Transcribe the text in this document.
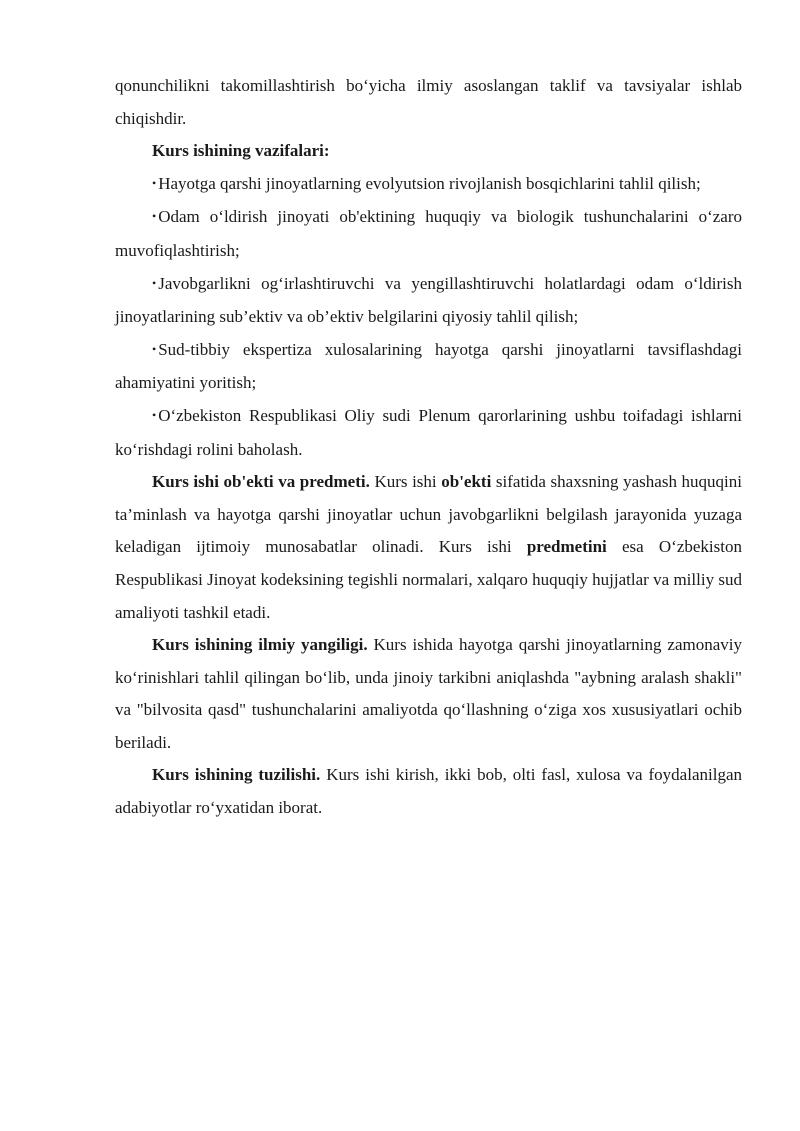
qonunchilikni takomillashtirish bo‘yicha ilmiy asoslangan taklif va tavsiyalar ishlab chiqishdir.

Kurs ishining vazifalari:

• Hayotga qarshi jinoyatlarning evolyutsion rivojlanish bosqichlarini tahlil qilish;

• Odam o‘ldirish jinoyati ob'ektining huquqiy va biologik tushunchalarini o‘zaro muvofiqlashtirish;

• Javobgarlikni og‘irlashtiruvchi va yengillashtiruvchi holatlardagi odam o‘ldirish jinoyatlarining sub’ektiv va ob’ektiv belgilarini qiyosiy tahlil qilish;

• Sud-tibbiy ekspertiza xulosalarining hayotga qarshi jinoyatlarni tavsiflashdagi ahamiyatini yoritish;

• O‘zbekiston Respublikasi Oliy sudi Plenum qarorlarining ushbu toifadagi ishlarni ko‘rishdagi rolini baholash.

Kurs ishi ob'ekti va predmeti. Kurs ishi ob'ekti sifatida shaxsning yashash huquqini ta’minlash va hayotga qarshi jinoyatlar uchun javobgarlikni belgilash jarayonida yuzaga keladigan ijtimoiy munosabatlar olinadi. Kurs ishi predmetini esa O‘zbekiston Respublikasi Jinoyat kodeksining tegishli normalari, xalqaro huquqiy hujjatlar va milliy sud amaliyoti tashkil etadi.

Kurs ishining ilmiy yangiligi. Kurs ishida hayotga qarshi jinoyatlarning zamonaviy ko‘rinishlari tahlil qilingan bo‘lib, unda jinoiy tarkibni aniqlashda "aybning aralash shakli" va "bilvosita qasd" tushunchalarini amaliyotda qo‘llashning o‘ziga xos xususiyatlari ochib beriladi.

Kurs ishining tuzilishi. Kurs ishi kirish, ikki bob, olti fasl, xulosa va foydalanilgan adabiyotlar ro‘yxatidan iborat.
